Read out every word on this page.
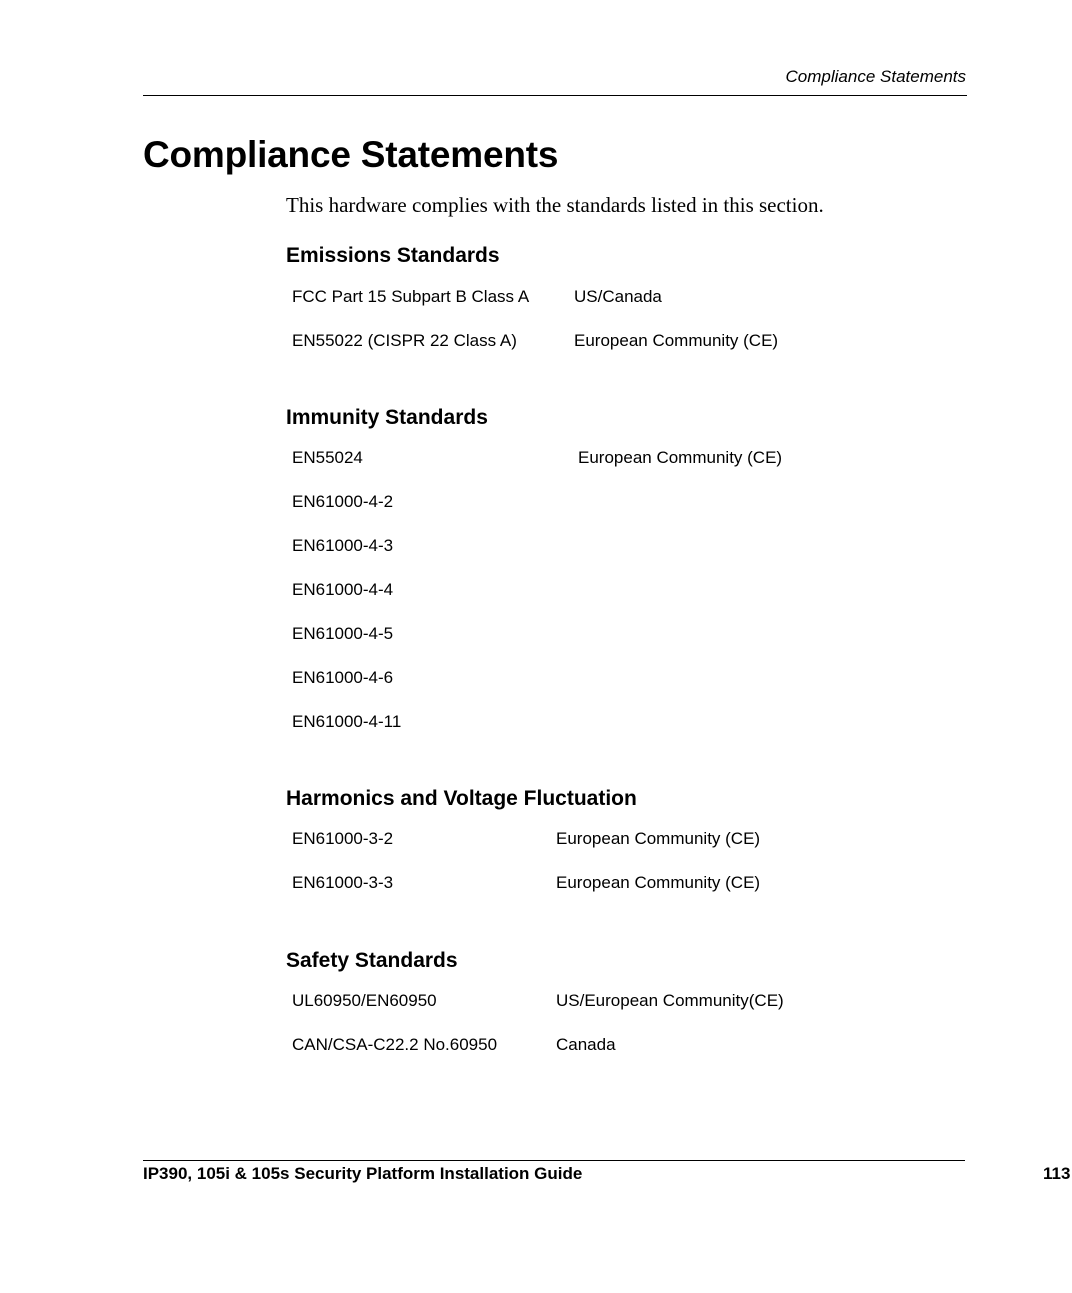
Compliance Statements
Compliance Statements

This hardware complies with the standards listed in this section.

Emissions Standards
FCC Part 15 Subpart B Class A	US/Canada
EN55022 (CISPR 22 Class A)	European Community (CE)
Immunity Standards
EN55024	European Community (CE)
EN61000-4-2
EN61000-4-3
EN61000-4-4
EN61000-4-5
EN61000-4-6
EN61000-4-11
Harmonics and Voltage Fluctuation
EN61000-3-2	European Community (CE)
EN61000-3-3	European Community (CE)
Safety Standards
UL60950/EN60950	US/European Community(CE)
CAN/CSA-C22.2 No.60950	Canada
IP390, 105i & 105s Security Platform Installation Guide	113
